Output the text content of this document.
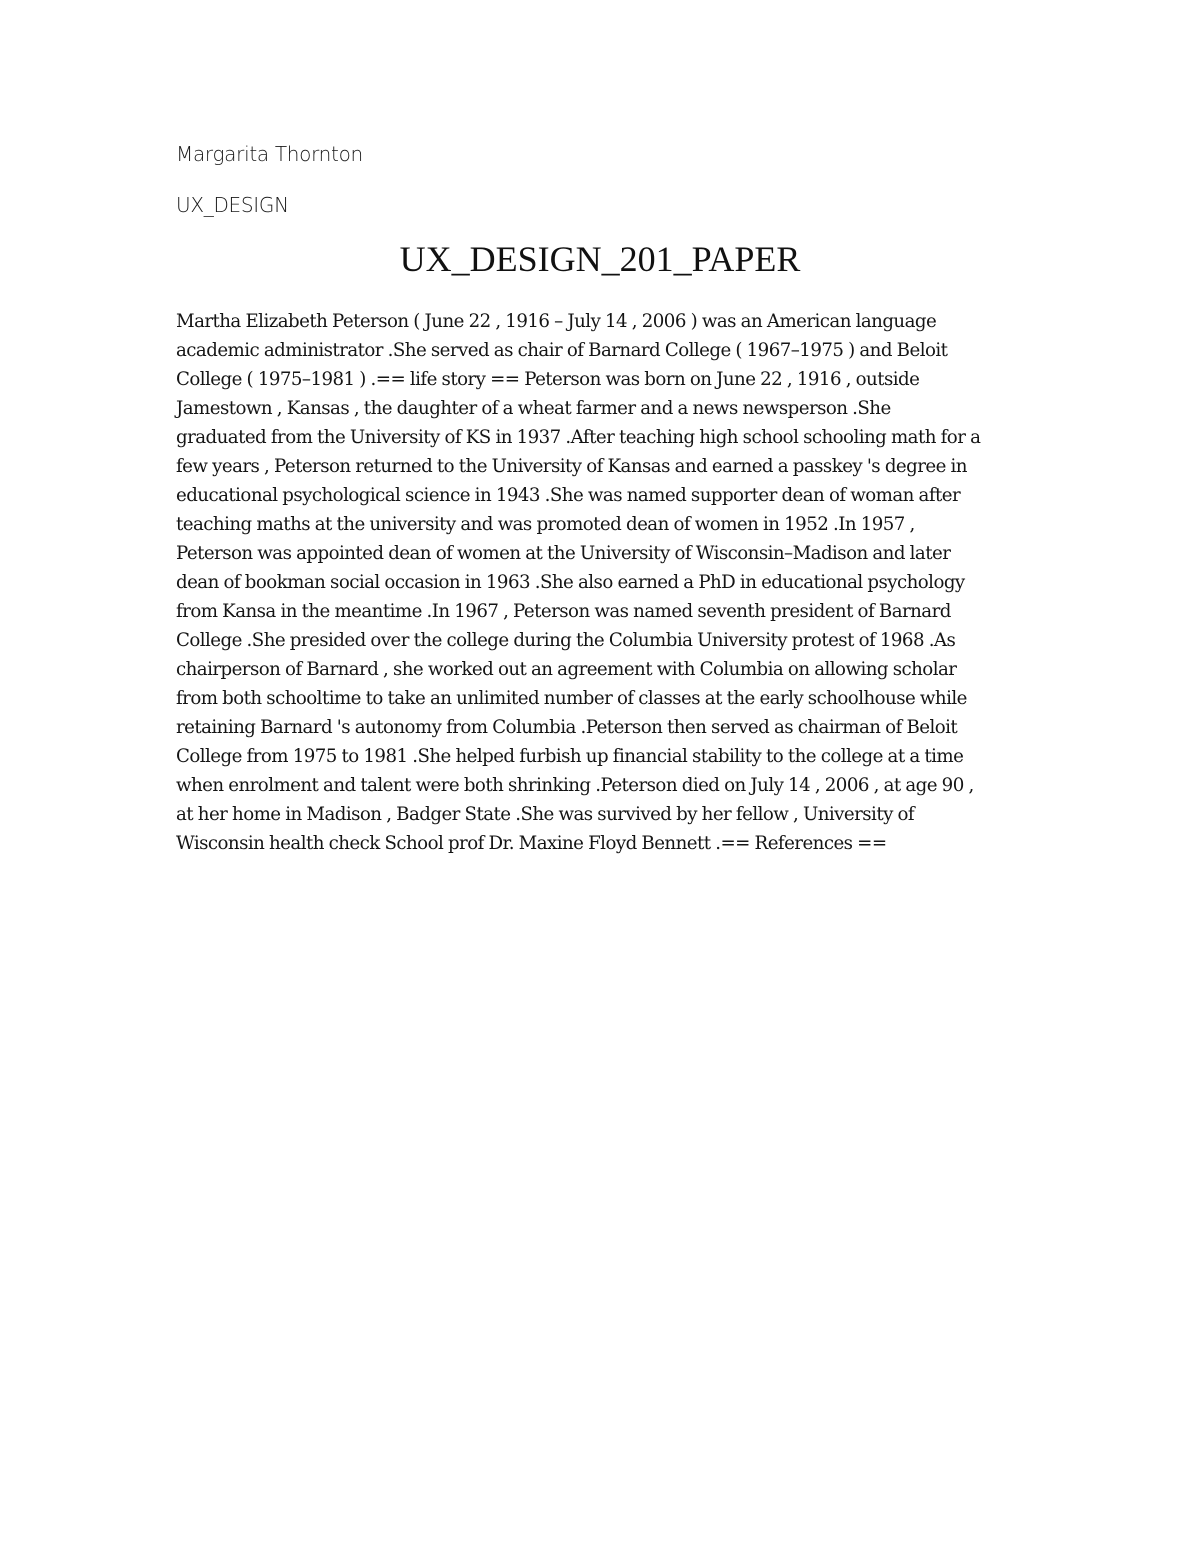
Margarita Thornton

UX_DESIGN

UX_DESIGN_201_PAPER
Martha Elizabeth Peterson ( June 22 , 1916 – July 14 , 2006 ) was an American language
academic administrator .She served as chair of Barnard College ( 1967–1975 ) and Beloit
College ( 1975–1981 ) .== life story == Peterson was born on June 22 , 1916 , outside
Jamestown , Kansas , the daughter of a wheat farmer and a news newsperson .She
graduated from the University of KS in 1937 .After teaching high school schooling math for a
few years , Peterson returned to the University of Kansas and earned a passkey 's degree in
educational psychological science in 1943 .She was named supporter dean of woman after
teaching maths at the university and was promoted dean of women in 1952 .In 1957 ,
Peterson was appointed dean of women at the University of Wisconsin–Madison and later
dean of bookman social occasion in 1963 .She also earned a PhD in educational psychology
from Kansa in the meantime .In 1967 , Peterson was named seventh president of Barnard
College .She presided over the college during the Columbia University protest of 1968 .As
chairperson of Barnard , she worked out an agreement with Columbia on allowing scholar
from both schooltime to take an unlimited number of classes at the early schoolhouse while
retaining Barnard 's autonomy from Columbia .Peterson then served as chairman of Beloit
College from 1975 to 1981 .She helped furbish up financial stability to the college at a time
when enrolment and talent were both shrinking .Peterson died on July 14 , 2006 , at age 90 ,
at her home in Madison , Badger State .She was survived by her fellow , University of
Wisconsin health check School prof Dr. Maxine Floyd Bennett .== References ==
